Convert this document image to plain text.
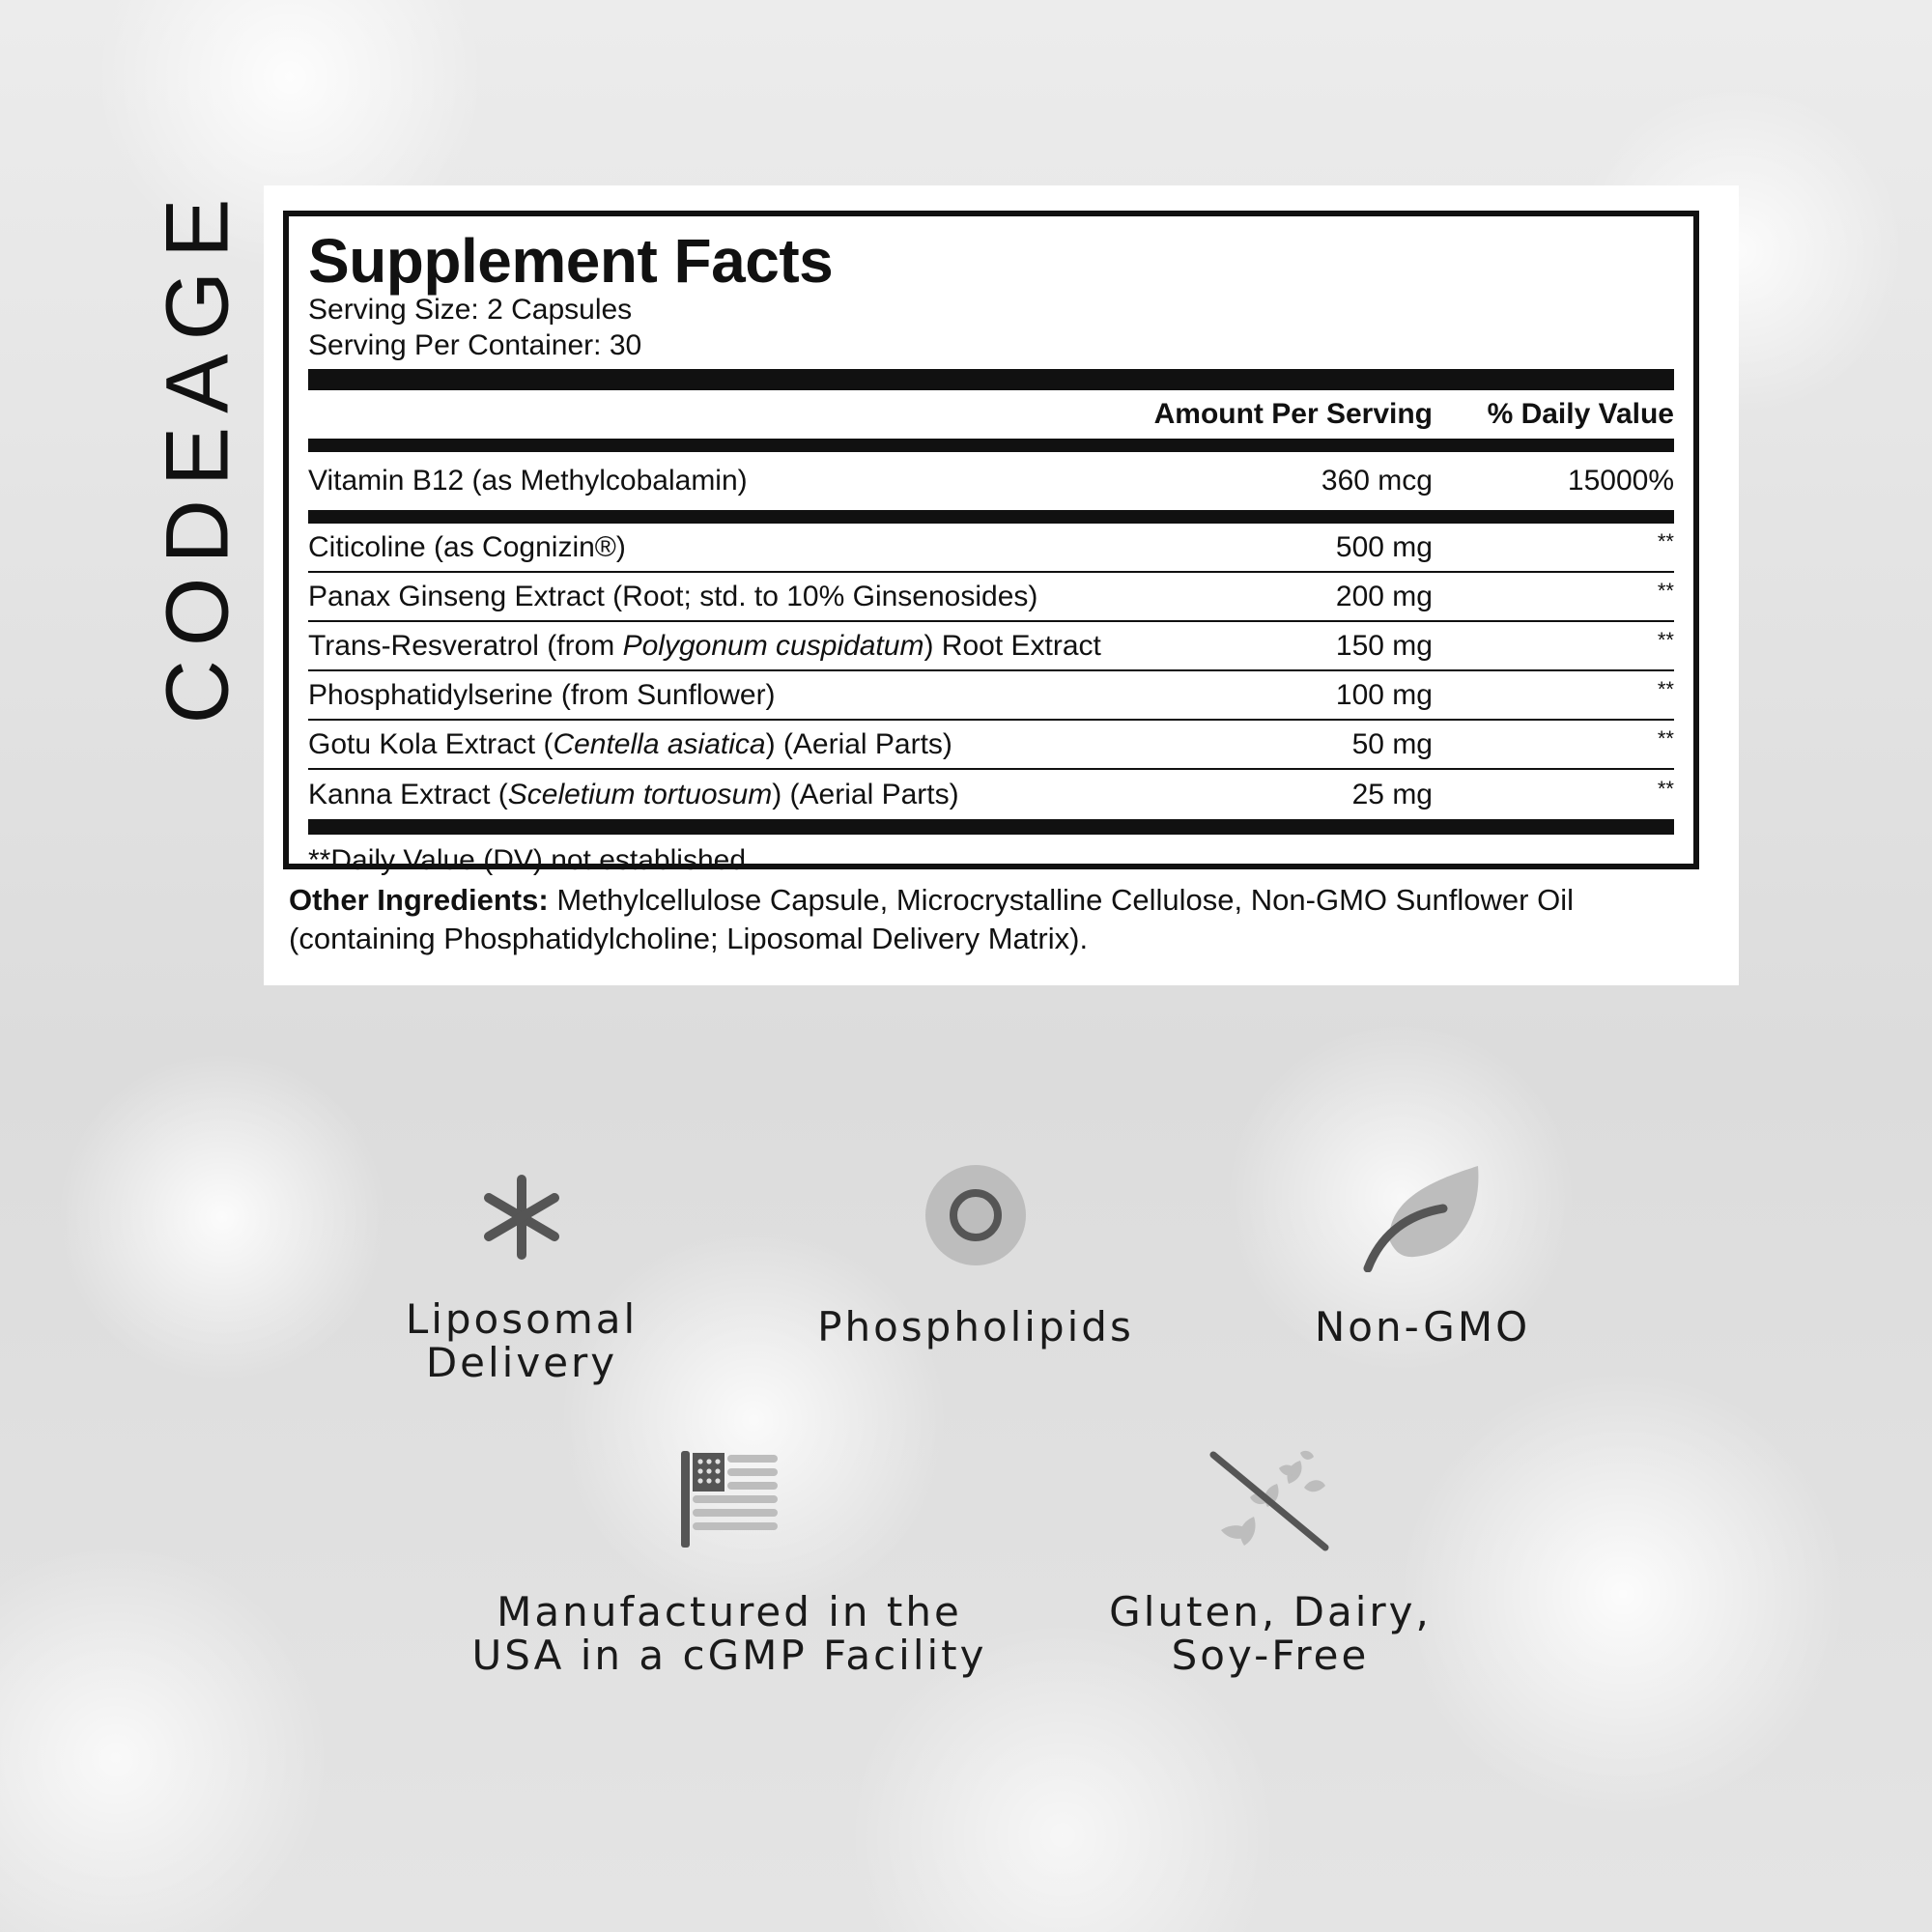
CODEAGE Supplement Facts
Serving Size: 2 Capsules
Serving Per Container: 30
Amount Per Serving	% Daily Value
Vitamin B12 (as Methylcobalamin)	360 mcg	15000%
Citicoline (as Cognizin®)	500 mg	**
Panax Ginseng Extract (Root; std. to 10% Ginsenosides)	200 mg	**
Trans-Resveratrol (from Polygonum cuspidatum) Root Extract	150 mg	**
Phosphatidylserine (from Sunflower)	100 mg	**
Gotu Kola Extract (Centella asiatica) (Aerial Parts)	50 mg	**
Kanna Extract (Sceletium tortuosum) (Aerial Parts)	25 mg	**
**Daily Value (DV) not established.
Other Ingredients: Methylcellulose Capsule, Microcrystalline Cellulose, Non-GMO Sunflower Oil (containing Phosphatidylcholine; Liposomal Delivery Matrix).
Liposomal
Delivery
Phospholipids	Non-GMO
Manufactured in the
USA in a cGMP Facility
Gluten, Dairy,
Soy-Free
